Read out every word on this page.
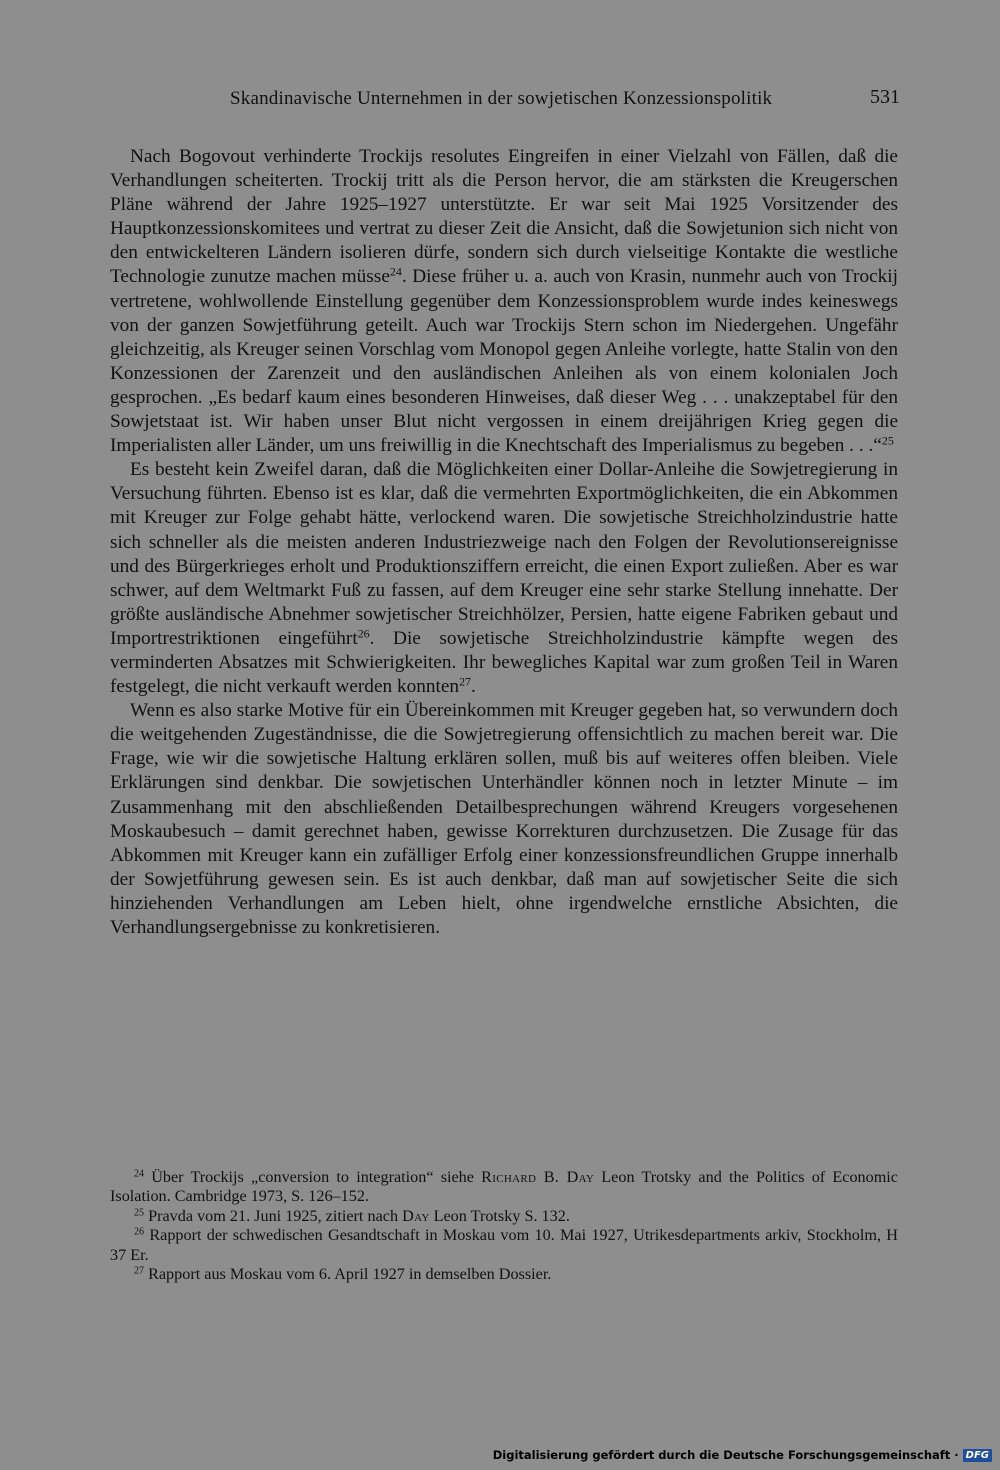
Skandinavische Unternehmen in der sowjetischen Konzessionspolitik	531

Nach Bogovout verhinderte Trockijs resolutes Eingreifen in einer Vielzahl von Fällen, daß die Verhandlungen scheiterten. Trockij tritt als die Person hervor, die am stärksten die Kreugerschen Pläne während der Jahre 1925–1927 unterstützte. Er war seit Mai 1925 Vorsitzender des Hauptkonzessionskomitees und vertrat zu dieser Zeit die Ansicht, daß die Sowjetunion sich nicht von den entwickelteren Ländern isolieren dürfe, sondern sich durch vielseitige Kontakte die westliche Technologie zunutze machen müsse$^{24}$. Diese früher u. a. auch von Krasin, nunmehr auch von Trockij vertretene, wohlwollende Einstellung gegenüber dem Konzessionsproblem wurde indes keineswegs von der ganzen Sowjetführung geteilt. Auch war Trockijs Stern schon im Niedergehen. Ungefähr gleichzeitig, als Kreuger seinen Vorschlag vom Monopol gegen Anleihe vorlegte, hatte Stalin von den Konzessionen der Zarenzeit und den ausländischen Anleihen als von einem kolonialen Joch gesprochen. „Es bedarf kaum eines besonderen Hinweises, daß dieser Weg . . . unakzeptabel für den Sowjetstaat ist. Wir haben unser Blut nicht vergossen in einem dreijährigen Krieg gegen die Imperialisten aller Länder, um uns freiwillig in die Knechtschaft des Imperialismus zu begeben . . .“$^{25}$

Es besteht kein Zweifel daran, daß die Möglichkeiten einer Dollar-Anleihe die Sowjetregierung in Versuchung führten. Ebenso ist es klar, daß die vermehrten Exportmöglichkeiten, die ein Abkommen mit Kreuger zur Folge gehabt hätte, verlockend waren. Die sowjetische Streichholzindustrie hatte sich schneller als die meisten anderen Industriezweige nach den Folgen der Revolutionsereignisse und des Bürgerkrieges erholt und Produktionsziffern erreicht, die einen Export zuließen. Aber es war schwer, auf dem Weltmarkt Fuß zu fassen, auf dem Kreuger eine sehr starke Stellung innehatte. Der größte ausländische Abnehmer sowjetischer Streichhölzer, Persien, hatte eigene Fabriken gebaut und Importrestriktionen eingeführt$^{26}$. Die sowjetische Streichholzindustrie kämpfte wegen des verminderten Absatzes mit Schwierigkeiten. Ihr bewegliches Kapital war zum großen Teil in Waren festgelegt, die nicht verkauft werden konnten$^{27}$.

Wenn es also starke Motive für ein Übereinkommen mit Kreuger gegeben hat, so verwundern doch die weitgehenden Zugeständnisse, die die Sowjetregierung offensichtlich zu machen bereit war. Die Frage, wie wir die sowjetische Haltung erklären sollen, muß bis auf weiteres offen bleiben. Viele Erklärungen sind denkbar. Die sowjetischen Unterhändler können noch in letzter Minute – im Zusammenhang mit den abschließenden Detailbesprechungen während Kreugers vorgesehenen Moskaubesuch – damit gerechnet haben, gewisse Korrekturen durchzusetzen. Die Zusage für das Abkommen mit Kreuger kann ein zufälliger Erfolg einer konzessionsfreundlichen Gruppe innerhalb der Sowjetführung gewesen sein. Es ist auch denkbar, daß man auf sowjetischer Seite die sich hinziehenden Verhandlungen am Leben hielt, ohne irgendwelche ernstliche Absichten, die Verhandlungsergebnisse zu konkretisieren.

$^{24}$ Über Trockijs „conversion to integration“ siehe Richard B. Day Leon Trotsky and the Politics of Economic Isolation. Cambridge 1973, S. 126–152.

$^{25}$ Pravda vom 21. Juni 1925, zitiert nach Day Leon Trotsky S. 132.

$^{26}$ Rapport der schwedischen Gesandtschaft in Moskau vom 10. Mai 1927, Utrikesdepartments arkiv, Stockholm, H 37 Er.

$^{27}$ Rapport aus Moskau vom 6. April 1927 in demselben Dossier.

Digitalisierung gefördert durch die Deutsche Forschungsgemeinschaft · DFG
